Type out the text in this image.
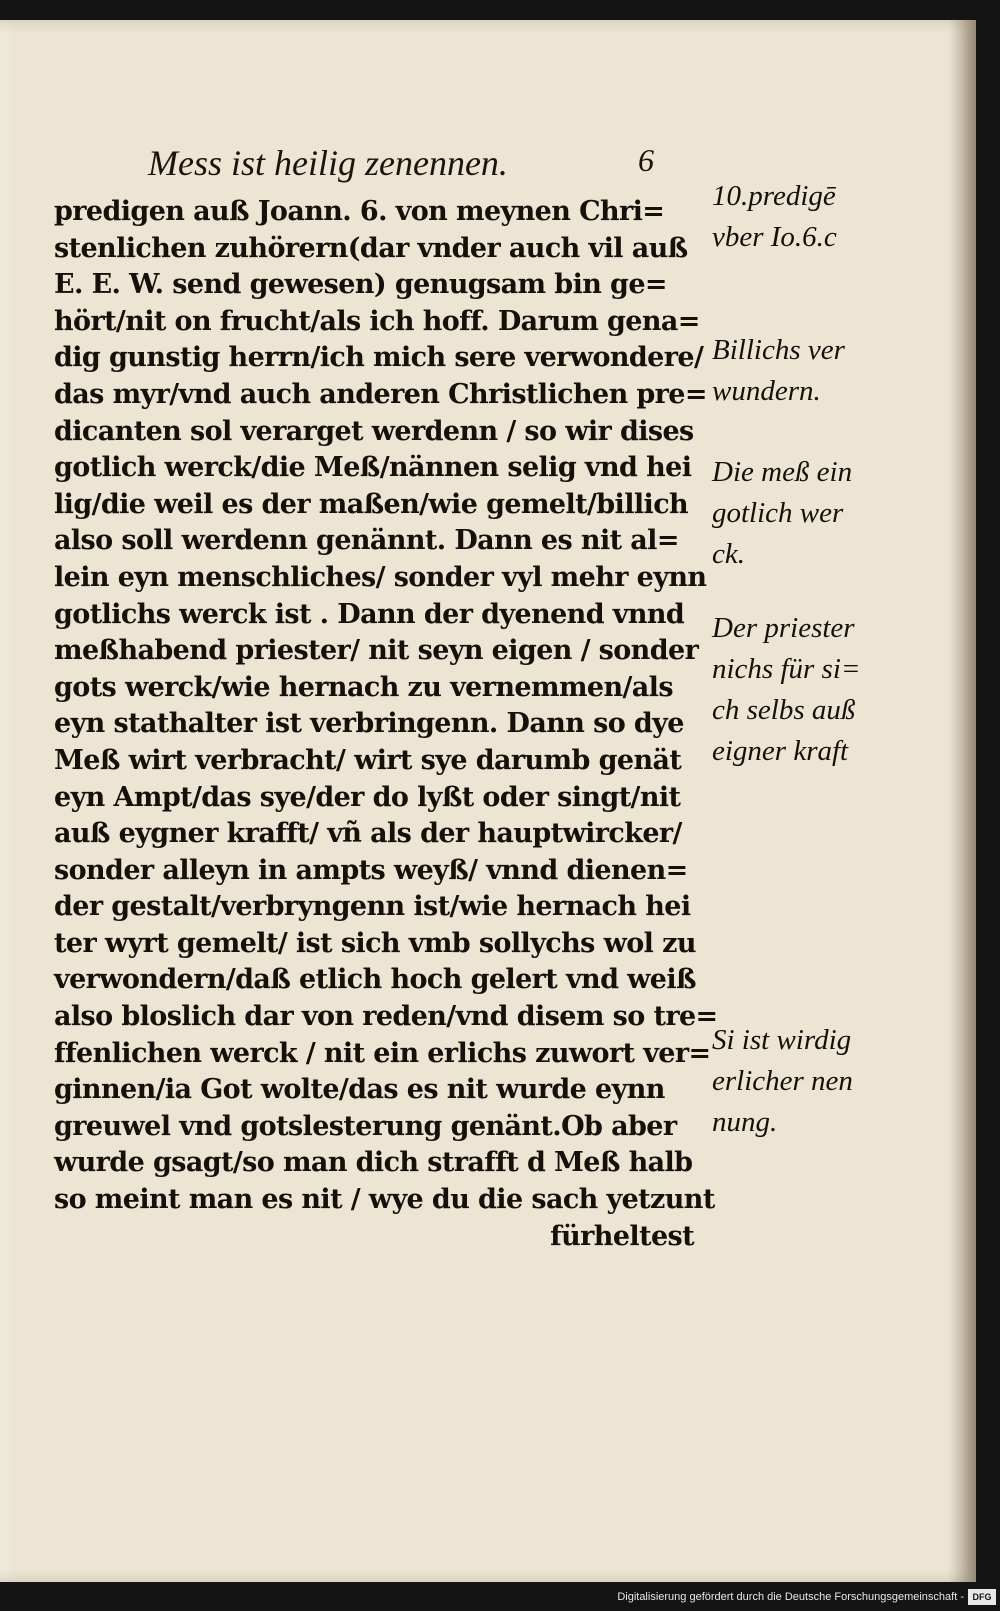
Mess ist heilig zenennen.	6
predigen auß Joann. 6. von meynen Chri=
stenlichen zuhörern(dar vnder auch vil auß
E. E. W. send gewesen) genugsam bin ge=
hört/nit on frucht/als ich hoff. Darum gena=
dig gunstig herrn/ich mich sere verwondere/
das myr/vnd auch anderen Christlichen pre=
dicanten sol verarget werdenn / so wir dises
gotlich werck/die Meß/nännen selig vnd hei
lig/die weil es der maßen/wie gemelt/billich
also soll werdenn genännt. Dann es nit al=
lein eyn menschliches/ sonder vyl mehr eynn
gotlichs werck ist . Dann der dyenend vnnd
meßhabend priester/ nit seyn eigen / sonder
gots werck/wie hernach zu vernemmen/als
eyn stathalter ist verbringenn. Dann so dye
Meß wirt verbracht/ wirt sye darumb genät
eyn Ampt/das sye/der do lyßt oder singt/nit
auß eygner krafft/ vñ als der hauptwircker/
sonder alleyn in ampts weyß/ vnnd dienen=
der gestalt/verbryngenn ist/wie hernach hei
ter wyrt gemelt/ ist sich vmb sollychs wol zu
verwondern/daß etlich hoch gelert vnd weiß
also bloslich dar von reden/vnd disem so tre=
ffenlichen werck / nit ein erlichs zuwort ver=
ginnen/ia Got wolte/das es nit wurde eynn
greuwel vnd gotslesterung genänt.Ob aber
wurde gsagt/so man dich strafft d Meß halb
so meint man es nit / wye du die sach yetzunt
fürheltest
10.predigē
vber Io.6.c
Billichs ver
wundern.
Die meß ein
gotlich wer
ck.
Der priester
nichs für si=
ch selbs auß
eigner kraft
Si ist wirdig
erlicher nen
nung.
Digitalisierung gefördert durch die Deutsche Forschungsgemeinschaft - DFG
